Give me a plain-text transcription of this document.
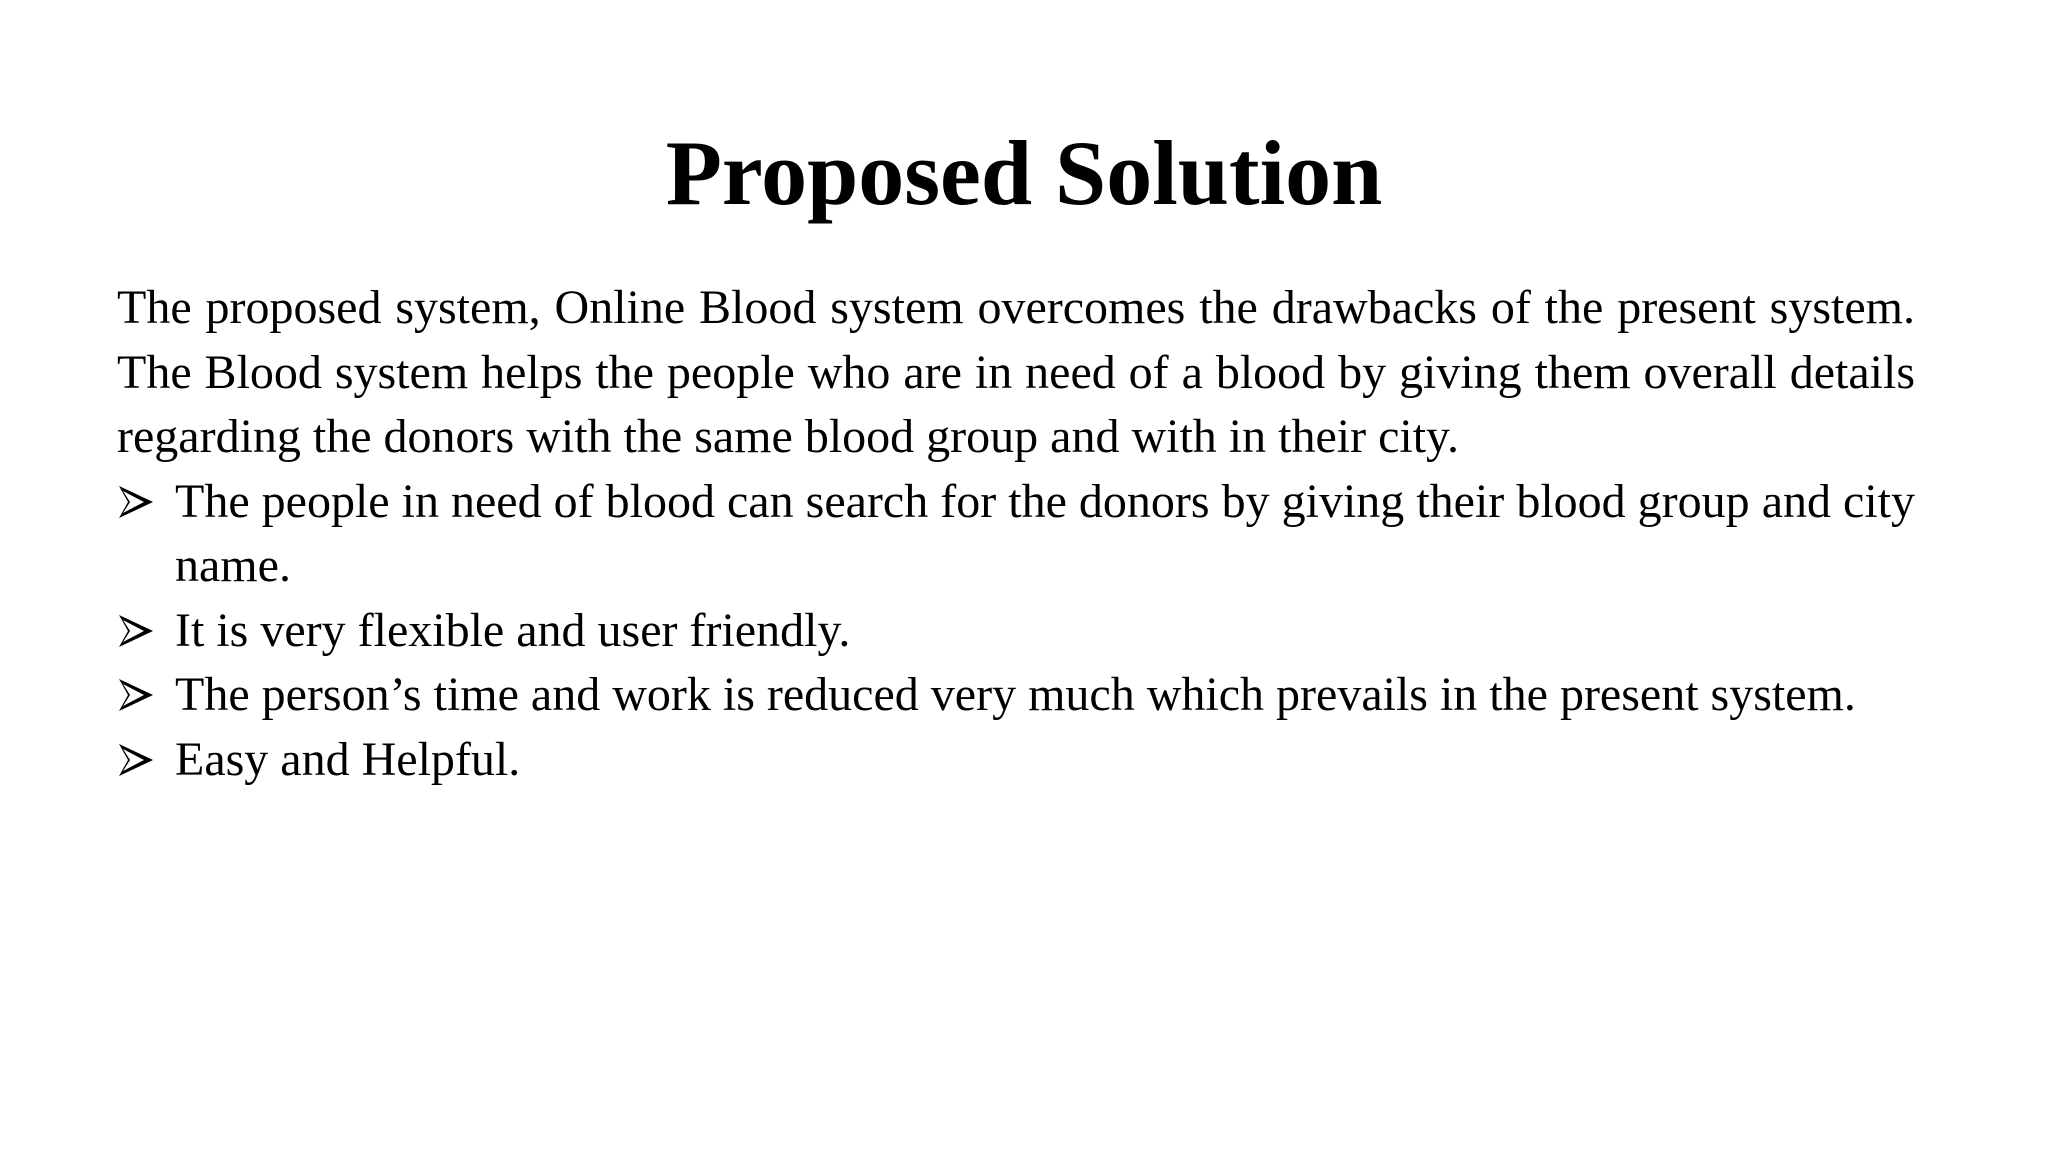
Proposed Solution

The proposed system, Online Blood system overcomes the drawbacks of the present system. The Blood system helps the people who are in need of a blood by giving them overall details regarding the donors with the same blood group and with in their city.

The people in need of blood can search for the donors by giving their blood group and city name.
It is very flexible and user friendly.
The person’s time and work is reduced very much which prevails in the present system.
Easy and Helpful.
